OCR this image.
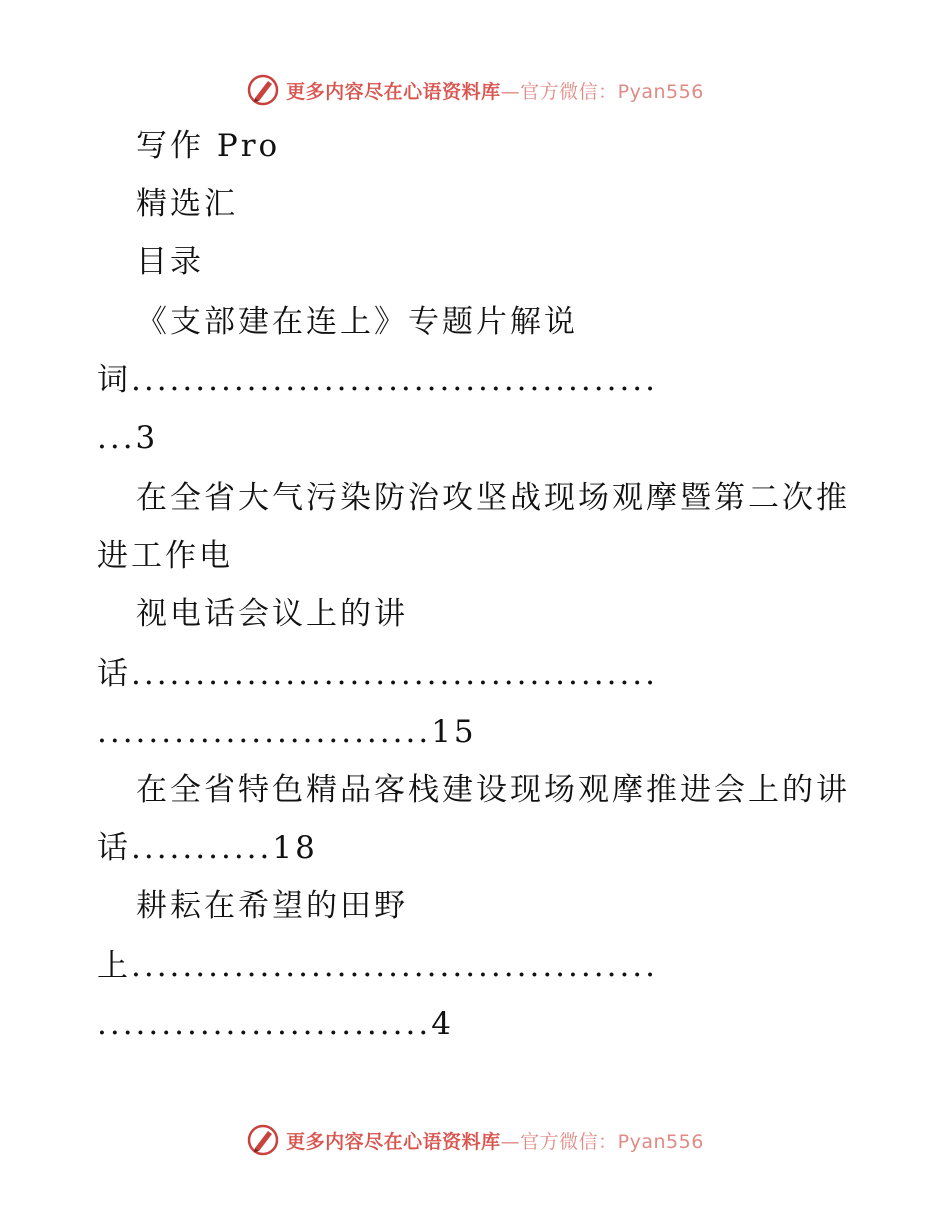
更多内容尽在心语资料库—官方微信：Pyan556
写作 Pro
精选汇
目录
《支部建在连上》专题片解说
词.........................................
...3
在全省大气污染防治攻坚战现场观摩暨第二次推
进工作电
视电话会议上的讲
话.........................................
..........................15
在全省特色精品客栈建设现场观摩推进会上的讲
话...........18
耕耘在希望的田野
上.........................................
..........................4
更多内容尽在心语资料库—官方微信：Pyan556
